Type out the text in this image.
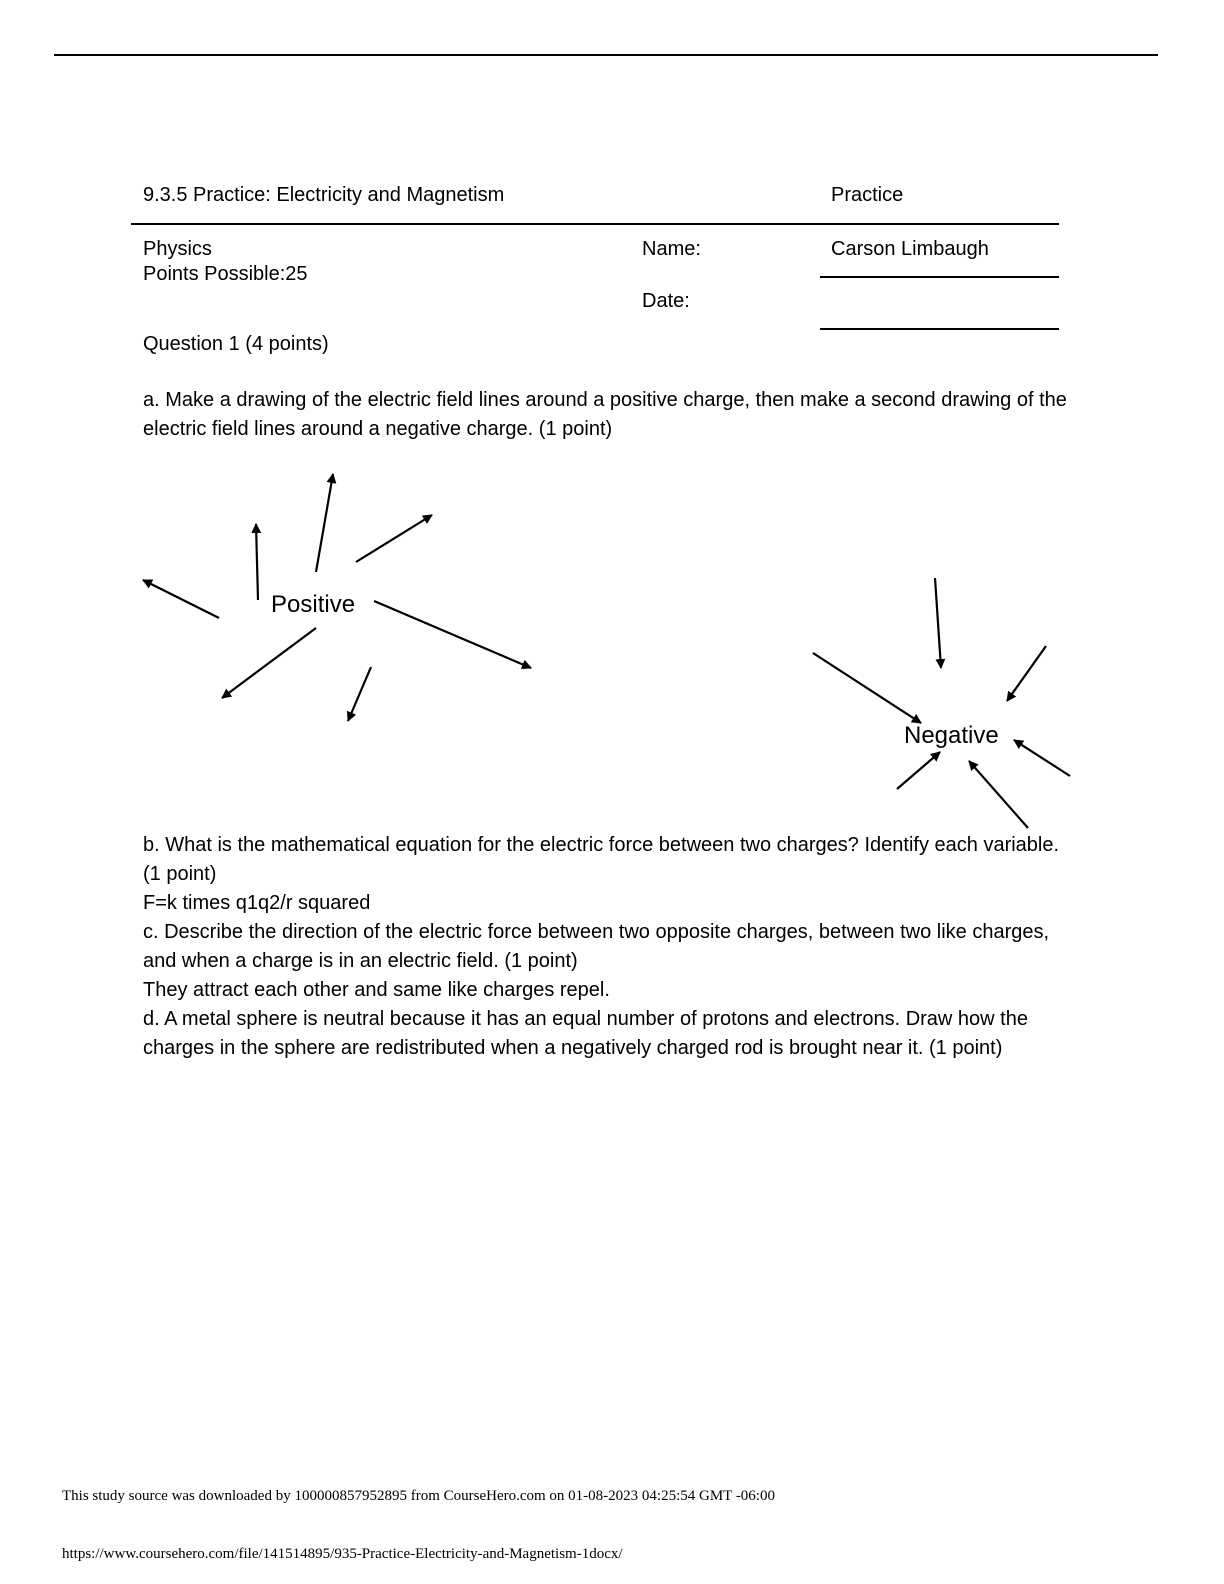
9.3.5 Practice: Electricity and Magnetism	Practice
Physics
Points Possible:25
Name:	Carson Limbaugh
Date:
Question 1 (4 points)
a. Make a drawing of the electric field lines around a positive charge, then make a second drawing of the electric field lines around a negative charge. (1 point)
Positive
Negative
b. What is the mathematical equation for the electric force between two charges? Identify each variable. (1 point)
F=k times q1q2/r squared
c. Describe the direction of the electric force between two opposite charges, between two like charges, and when a charge is in an electric field. (1 point)
They attract each other and same like charges repel.
d. A metal sphere is neutral because it has an equal number of protons and electrons. Draw how the charges in the sphere are redistributed when a negatively charged rod is brought near it. (1 point)
This study source was downloaded by 100000857952895 from CourseHero.com on 01-08-2023 04:25:54 GMT -06:00
https://www.coursehero.com/file/141514895/935-Practice-Electricity-and-Magnetism-1docx/
